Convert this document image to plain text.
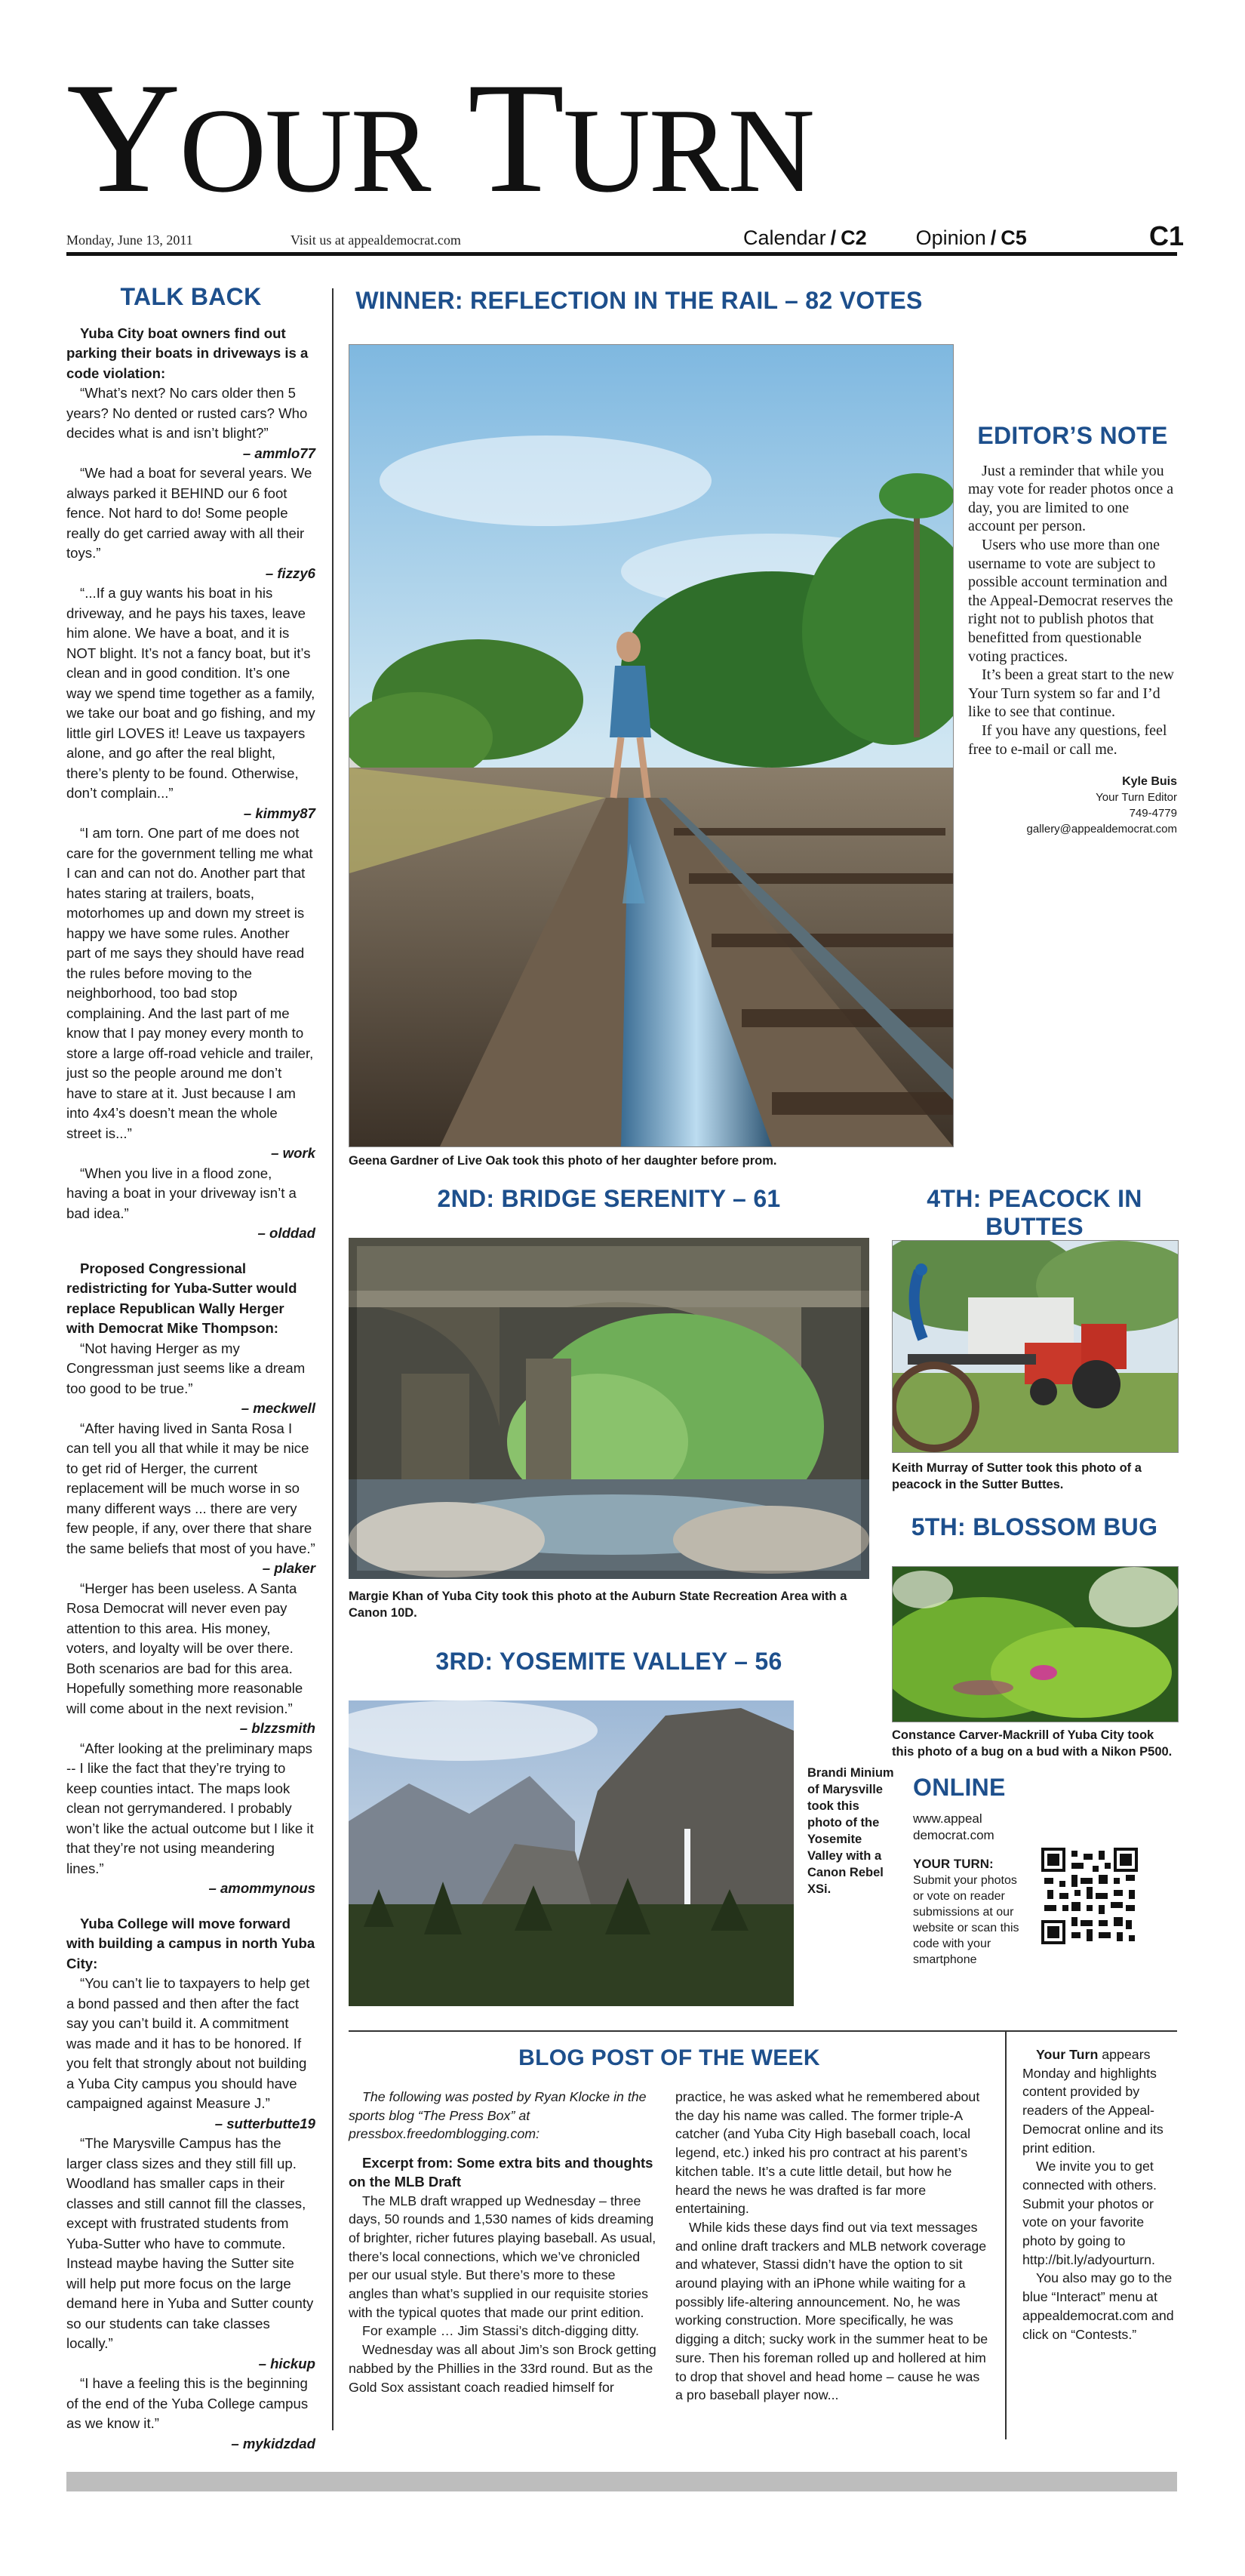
YOUR TURN
Monday, June 13, 2011	Visit us at appealdemocrat.com	Calendar / C2 Opinion / C5	C1
TALK BACK

Yuba City boat owners find out parking their boats in driveways is a code violation:

“What’s next? No cars older then 5 years? No dented or rusted cars? Who decides what is and isn’t blight?”

– ammlo77

“We had a boat for several years. We always parked it BEHIND our 6 foot fence. Not hard to do! Some people really do get carried away with all their toys.”

– fizzy6

“...If a guy wants his boat in his driveway, and he pays his taxes, leave him alone. We have a boat, and it is NOT blight. It’s not a fancy boat, but it’s clean and in good condition. It’s one way we spend time together as a family, we take our boat and go fishing, and my little girl LOVES it! Leave us taxpayers alone, and go after the real blight, there’s plenty to be found. Otherwise, don’t complain...”

– kimmy87

“I am torn. One part of me does not care for the government telling me what I can and can not do. Another part that hates staring at trailers, boats, motorhomes up and down my street is happy we have some rules. Another part of me says they should have read the rules before moving to the neighborhood, too bad stop complaining. And the last part of me know that I pay money every month to store a large off-road vehicle and trailer, just so the people around me don’t have to stare at it. Just because I am into 4x4’s doesn’t mean the whole street is...”

– work

“When you live in a flood zone, having a boat in your driveway isn’t a bad idea.”

– olddad

Proposed Congressional redistricting for Yuba-Sutter would replace Republican Wally Herger with Democrat Mike Thompson:

“Not having Herger as my Congressman just seems like a dream too good to be true.”

– meckwell

“After having lived in Santa Rosa I can tell you all that while it may be nice to get rid of Herger, the current replacement will be much worse in so many different ways ... there are very few people, if any, over there that share the same beliefs that most of you have.”

– plaker

“Herger has been useless. A Santa Rosa Democrat will never even pay attention to this area. His money, voters, and loyalty will be over there. Both scenarios are bad for this area. Hopefully something more reasonable will come about in the next revision.”

– blzzsmith

“After looking at the preliminary maps -- I like the fact that they’re trying to keep counties intact. The maps look clean not gerrymandered. I probably won’t like the actual outcome but I like it that they’re not using meandering lines.”

– amommynous

Yuba College will move forward with building a campus in north Yuba City:

“You can’t lie to taxpayers to help get a bond passed and then after the fact say you can’t build it. A commitment was made and it has to be honored. If you felt that strongly about not building a Yuba City campus you should have campaigned against Measure J.”

– sutterbutte19

“The Marysville Campus has the larger class sizes and they still fill up. Woodland has smaller caps in their classes and still cannot fill the classes, except with frustrated students from Yuba-Sutter who have to commute. Instead maybe having the Sutter site will help put more focus on the large demand here in Yuba and Sutter county so our students can take classes locally.”

– hickup

“I have a feeling this is the beginning of the end of the Yuba College campus as we know it.”

– mykidzdad

WINNER: REFLECTION IN THE RAIL – 82 VOTES
Geena Gardner of Live Oak took this photo of her daughter before prom.
EDITOR’S NOTE

Just a reminder that while you may vote for reader photos once a day, you are limited to one account per person.

Users who use more than one username to vote are subject to possible account termination and the Appeal-Democrat reserves the right not to publish photos that benefitted from questionable voting practices.

It’s been a great start to the new Your Turn system so far and I’d like to see that continue.

If you have any questions, feel free to e-mail or call me.

Kyle Buis
Your Turn Editor
749-4779
gallery@appealdemocrat.com
2ND: BRIDGE SERENITY – 61
Margie Khan of Yuba City took this photo at the Auburn State Recreation Area with a Canon 10D.
4TH: PEACOCK IN BUTTES
Keith Murray of Sutter took this photo of a peacock in the Sutter Buttes.
5TH: BLOSSOM BUG
Constance Carver-Mackrill of Yuba City took this photo of a bug on a bud with a Nikon P500.
3RD: YOSEMITE VALLEY – 56
Brandi Minium of Marysville took this photo of the Yosemite Valley with a Canon Rebel XSi.
ONLINE
www.appeal democrat.com
YOUR TURN:
Submit your photos or vote on reader submissions at our website or scan this code with your smartphone
BLOG POST OF THE WEEK

The following was posted by Ryan Klocke in the sports blog “The Press Box” at pressbox.freedomblogging.com:

Excerpt from: Some extra bits and thoughts on the MLB Draft

The MLB draft wrapped up Wednesday – three days, 50 rounds and 1,530 names of kids dreaming of brighter, richer futures playing baseball. As usual, there’s local connections, which we’ve chronicled per our usual style. But there’s more to these angles than what’s supplied in our requisite stories with the typical quotes that made our print edition.

For example … Jim Stassi’s ditch-digging ditty.

Wednesday was all about Jim’s son Brock getting nabbed by the Phillies in the 33rd round. But as the Gold Sox assistant coach readied himself for

practice, he was asked what he remembered about the day his name was called. The former triple-A catcher (and Yuba City High baseball coach, local legend, etc.) inked his pro contract at his parent’s kitchen table. It’s a cute little detail, but how he heard the news he was drafted is far more entertaining.

While kids these days find out via text messages and online draft trackers and MLB network coverage and whatever, Stassi didn’t have the option to sit around playing with an iPhone while waiting for a possibly life-altering announcement. No, he was working construction. More specifically, he was digging a ditch; sucky work in the summer heat to be sure. Then his foreman rolled up and hollered at him to drop that shovel and head home – cause he was a pro baseball player now...

Your Turn appears Monday and highlights content provided by readers of the Appeal-Democrat online and its print edition.

We invite you to get connected with others. Submit your photos or vote on your favorite photo by going to http://bit.ly/adyourturn.

You also may go to the blue “Interact” menu at appealdemocrat.com and click on “Contests.”
